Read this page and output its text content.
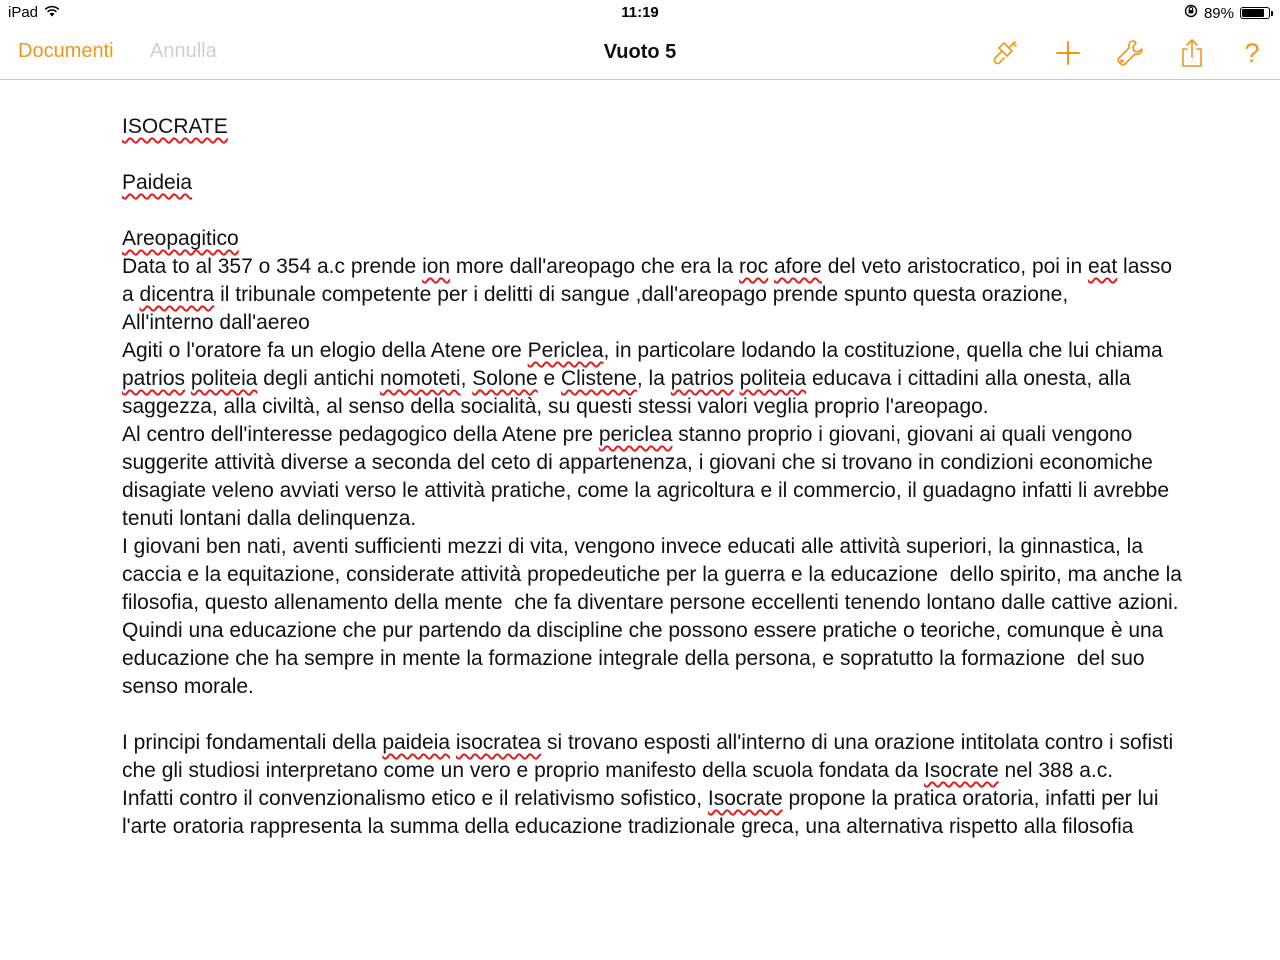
iPad	11:19	89%
Documenti Annulla	Vuoto 5	?

ISOCRATE

Paideia

Areopagitico

Data to al 357 o 354 a.c prende ion more dall'areopago che era la roc afore del veto aristocratico, poi in eat lasso a dicentra il tribunale competente per i delitti di sangue ,dall'areopago prende spunto questa orazione,

All'interno dall'aereo

Agiti o l'oratore fa un elogio della Atene ore Periclea, in particolare lodando la costituzione, quella che lui chiama patrios politeia degli antichi nomoteti, Solone e Clistene, la patrios politeia educava i cittadini alla onesta, alla saggezza, alla civiltà, al senso della socialità, su questi stessi valori veglia proprio l'areopago.

Al centro dell'interesse pedagogico della Atene pre periclea stanno proprio i giovani, giovani ai quali vengono suggerite attività diverse a seconda del ceto di appartenenza, i giovani che si trovano in condizioni economiche disagiate veleno avviati verso le attività pratiche, come la agricoltura e il commercio, il guadagno infatti li avrebbe tenuti lontani dalla delinquenza.

I giovani ben nati, aventi sufficienti mezzi di vita, vengono invece educati alle attività superiori, la ginnastica, la caccia e la equitazione, considerate attività propedeutiche per la guerra e la educazione  dello spirito, ma anche la filosofia, questo allenamento della mente  che fa diventare persone eccellenti tenendo lontano dalle cattive azioni.

Quindi una educazione che pur partendo da discipline che possono essere pratiche o teoriche, comunque è una educazione che ha sempre in mente la formazione integrale della persona, e sopratutto la formazione  del suo senso morale.

I principi fondamentali della paideia isocratea si trovano esposti all'interno di una orazione intitolata contro i sofisti che gli studiosi interpretano come un vero e proprio manifesto della scuola fondata da Isocrate nel 388 a.c.

Infatti contro il convenzionalismo etico e il relativismo sofistico, Isocrate propone la pratica oratoria, infatti per lui l'arte oratoria rappresenta la summa della educazione tradizionale greca, una alternativa rispetto alla filosofia
